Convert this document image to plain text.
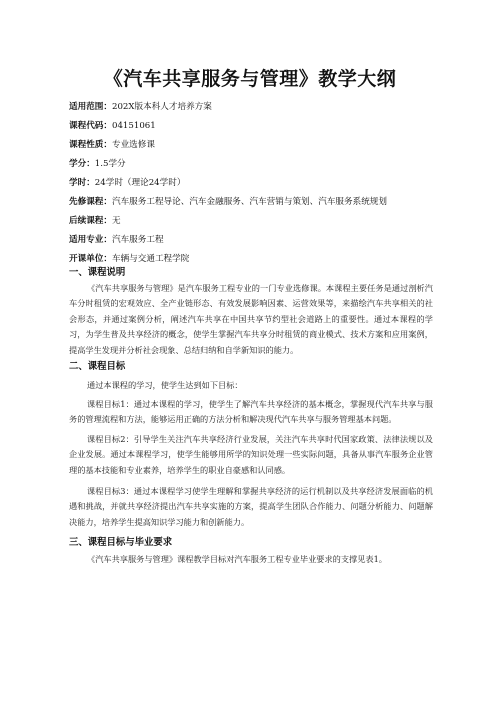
《汽车共享服务与管理》教学大纲
适用范围：202X版本科人才培养方案
课程代码：04151061
课程性质：专业选修课
学分：1.5学分
学时：24学时（理论24学时）
先修课程：汽车服务工程导论、汽车金融服务、汽车营销与策划、汽车服务系统规划
后续课程：无
适用专业：汽车服务工程
开课单位：车辆与交通工程学院
一、课程说明
《汽车共享服务与管理》是汽车服务工程专业的一门专业选修课。本课程主要任务是通过剖析汽车分时租赁的宏观效应、全产业链形态、有效发展影响因素、运营效果等，来描绘汽车共享相关的社会形态，并通过案例分析，阐述汽车共享在中国共享节约型社会道路上的重要性。通过本课程的学习，为学生普及共享经济的概念，使学生掌握汽车共享分时租赁的商业模式、技术方案和应用案例，提高学生发现并分析社会现象、总结归纳和自学新知识的能力。
二、课程目标
通过本课程的学习，使学生达到如下目标：
课程目标1：通过本课程的学习，使学生了解汽车共享经济的基本概念，掌握现代汽车共享与服务的管理流程和方法，能够运用正确的方法分析和解决现代汽车共享与服务管理基本问题。
课程目标2：引导学生关注汽车共享经济行业发展，关注汽车共享时代国家政策、法律法规以及企业发展。通过本课程学习，使学生能够用所学的知识处理一些实际问题，具备从事汽车服务企业管理的基本技能和专业素养，培养学生的职业自豪感和认同感。
课程目标3：通过本课程学习使学生理解和掌握共享经济的运行机制以及共享经济发展面临的机遇和挑战，并就共享经济提出汽车共享实施的方案，提高学生团队合作能力、问题分析能力、问题解决能力，培养学生提高知识学习能力和创新能力。
三、课程目标与毕业要求
《汽车共享服务与管理》课程教学目标对汽车服务工程专业毕业要求的支撑见表1。
